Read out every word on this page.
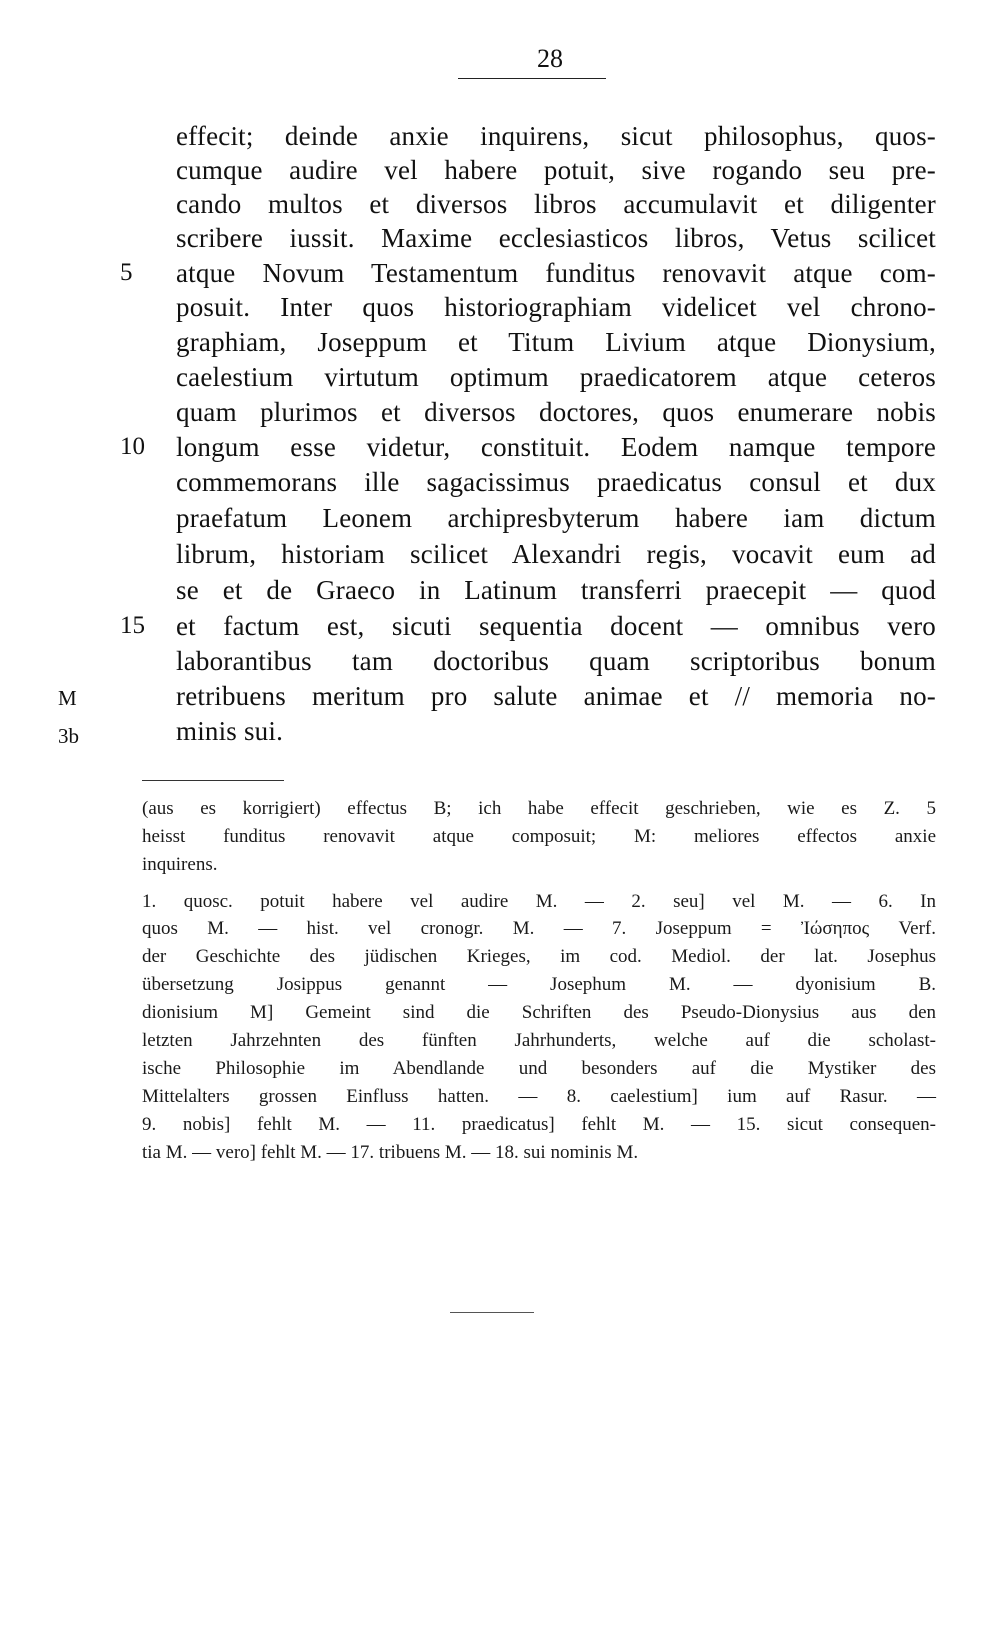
28
effecit; deinde anxie inquirens, sicut philosophus, quos-
cumque audire vel habere potuit, sive rogando seu pre-
cando multos et diversos libros accumulavit et diligenter
scribere iussit. Maxime ecclesiasticos libros, Vetus scilicet
atque Novum Testamentum funditus renovavit atque com-
posuit. Inter quos historiographiam videlicet vel chrono-
graphiam, Joseppum et Titum Livium atque Dionysium,
caelestium virtutum optimum praedicatorem atque ceteros
quam plurimos et diversos doctores, quos enumerare nobis
longum esse videtur, constituit. Eodem namque tempore
commemorans ille sagacissimus praedicatus consul et dux
praefatum Leonem archipresbyterum habere iam dictum
librum, historiam scilicet Alexandri regis, vocavit eum ad
se et de Graeco in Latinum transferri praecepit — quod
et factum est, sicuti sequentia docent — omnibus vero
laborantibus tam doctoribus quam scriptoribus bonum
retribuens meritum pro salute animae et // memoria no-
minis sui.
5
10
15
M 3b
(aus es korrigiert) effectus B; ich habe effecit geschrieben, wie es Z. 5
heisst funditus renovavit atque composuit; M: meliores effectos anxie
inquirens.
1. quosc. potuit habere vel audire M. — 2. seu] vel M. — 6. In
quos M. — hist. vel cronogr. M. — 7. Joseppum = Ἰώσηπος Verf.
der Geschichte des jüdischen Krieges, im cod. Mediol. der lat. Josephus
übersetzung Josippus genannt — Josephum M. — dyonisium B.
dionisium M] Gemeint sind die Schriften des Pseudo-Dionysius aus den
letzten Jahrzehnten des fünften Jahrhunderts, welche auf die scholast-
ische Philosophie im Abendlande und besonders auf die Mystiker des
Mittelalters grossen Einfluss hatten. — 8. caelestium] ium auf Rasur. —
9. nobis] fehlt M. — 11. praedicatus] fehlt M. — 15. sicut consequen-
tia M. — vero] fehlt M. — 17. tribuens M. — 18. sui nominis M.
